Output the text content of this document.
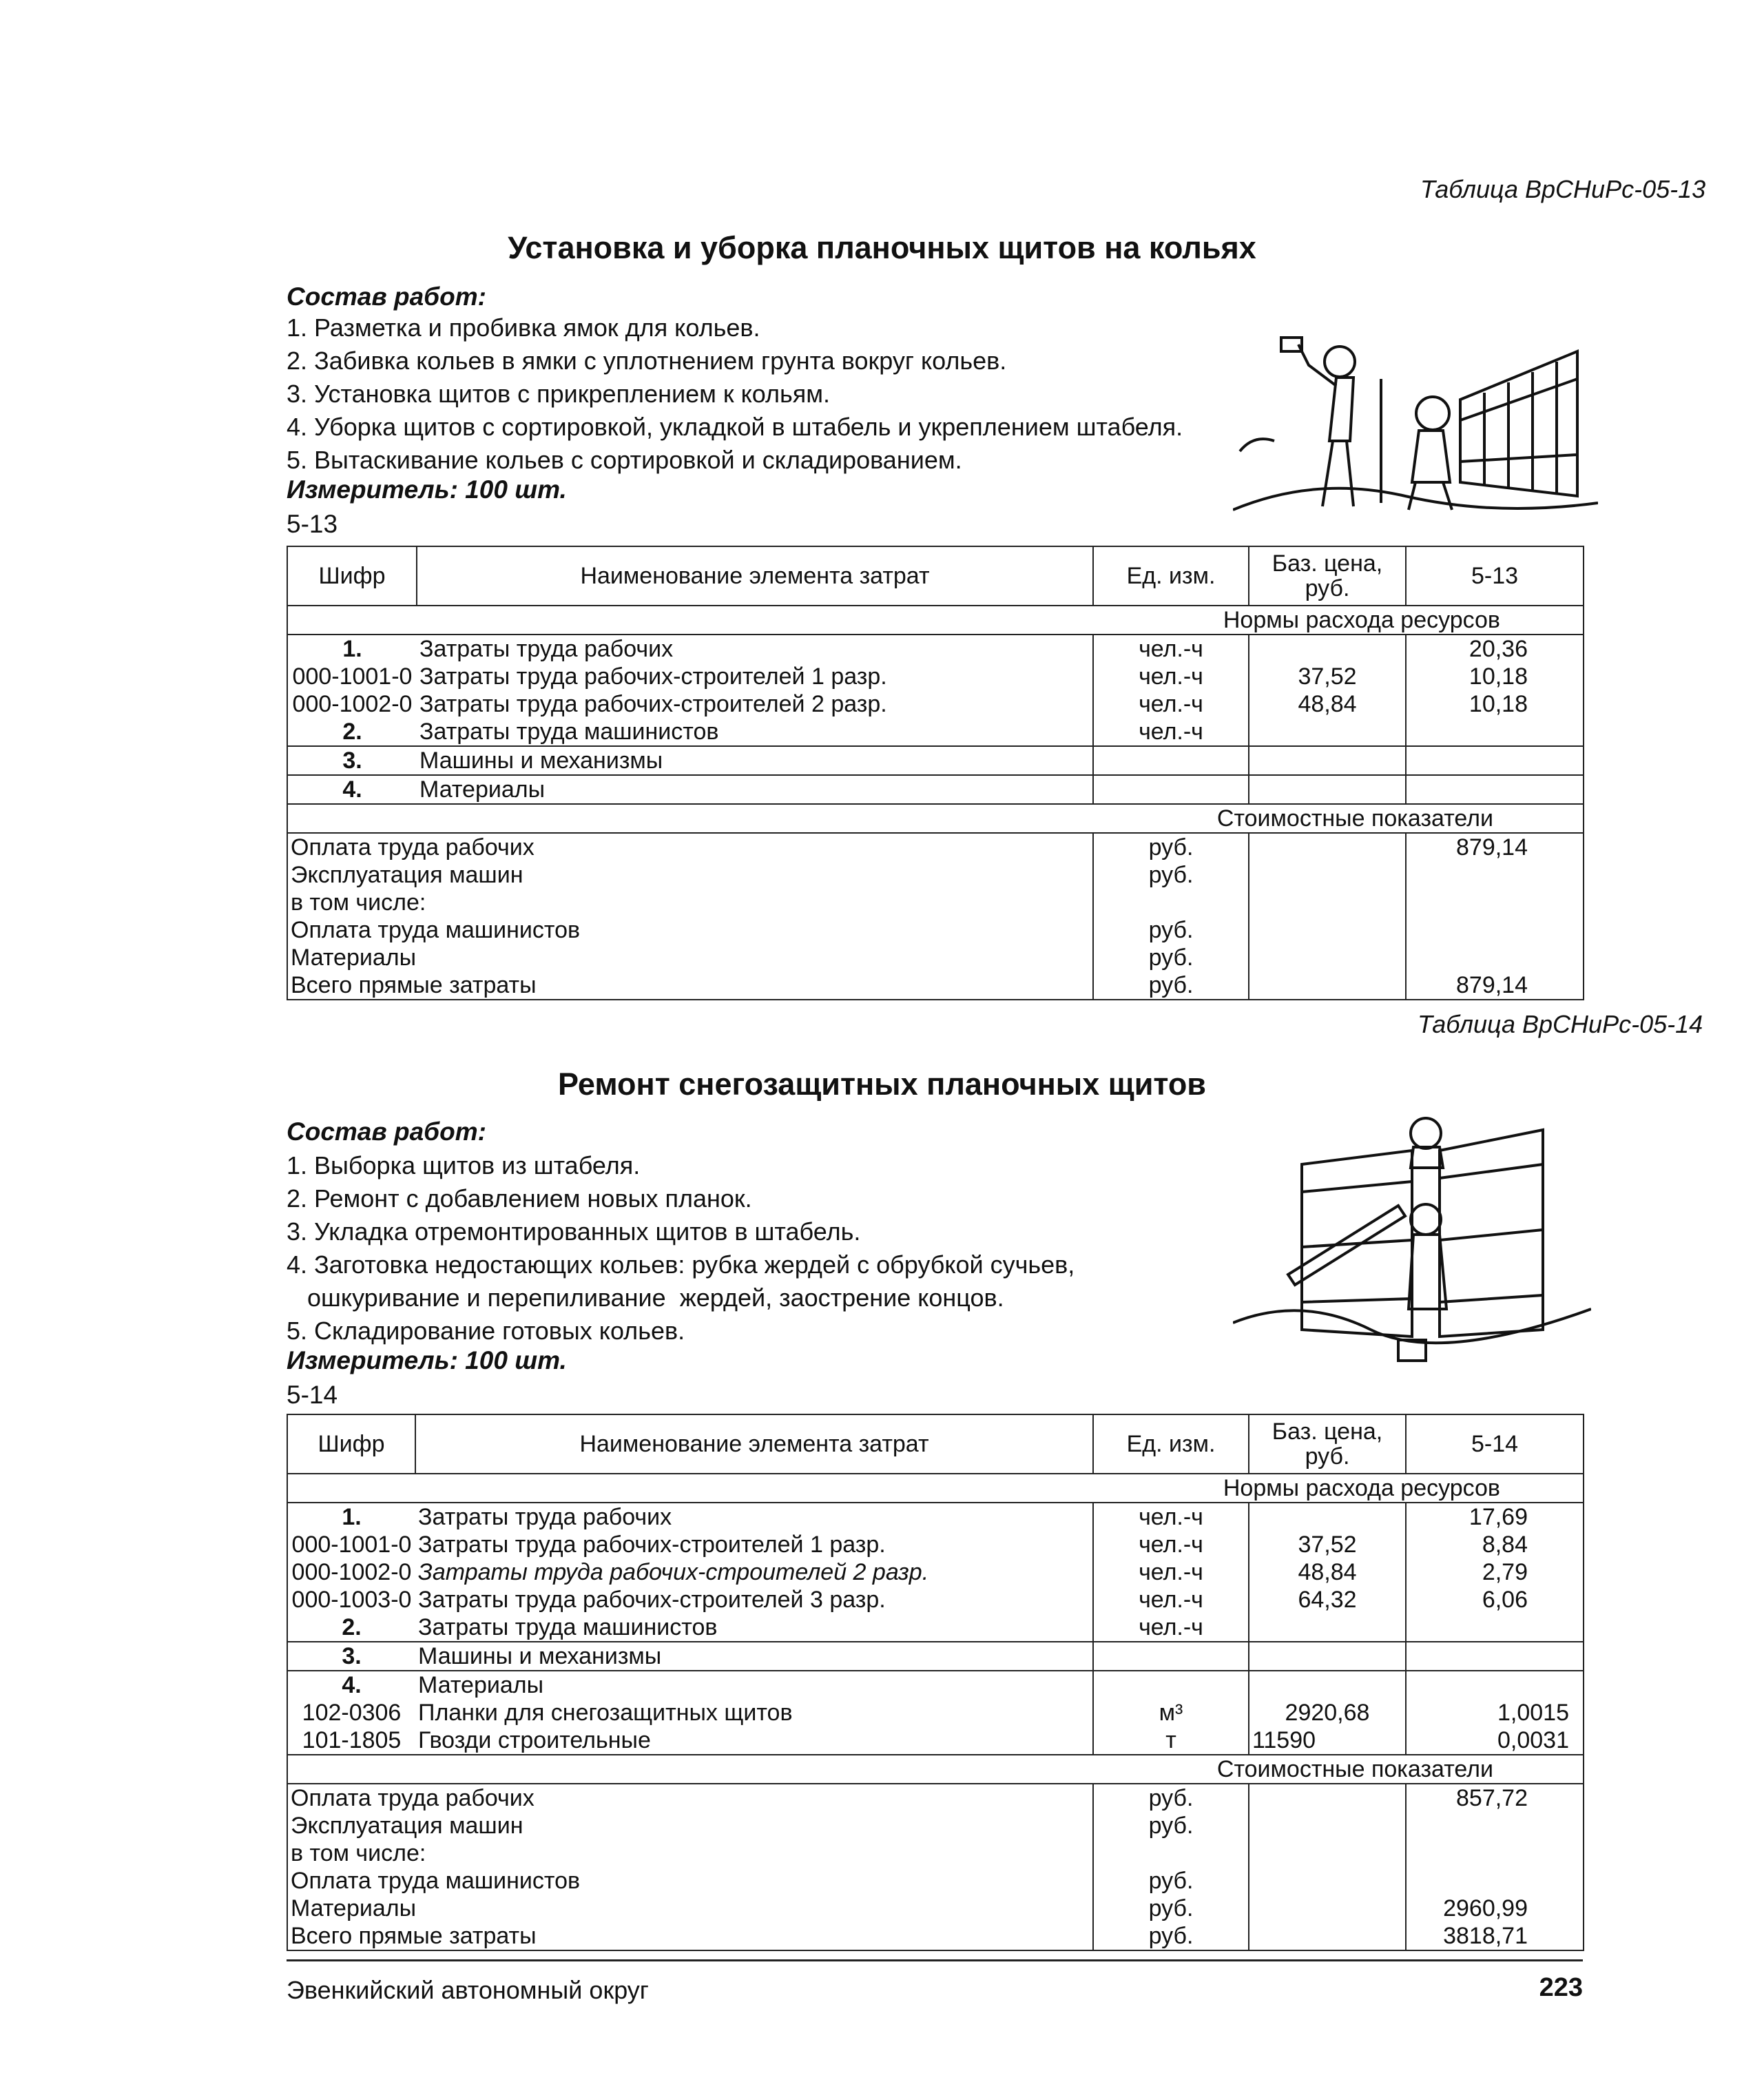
Таблица ВрСНиРс-05-13
Установка и уборка планочных щитов на кольях
Состав работ:
1. Разметка и пробивка ямок для кольев.
2. Забивка кольев в ямки с уплотнением грунта вокруг кольев.
3. Установка щитов с прикреплением к кольям.
4. Уборка щитов с сортировкой, укладкой в штабель и укреплением штабеля.
5. Вытаскивание кольев с сортировкой и складированием.
Измеритель: 100 шт.
5-13
Шифр	Наименование элемента затрат	Ед. изм.	Баз. цена, руб.	5-13
Нормы расхода ресурсов				
1.	Затраты труда рабочих	чел.-ч		20,36
000-1001-0	Затраты труда рабочих-строителей 1 разр.	чел.-ч	37,52	10,18
000-1002-0	Затраты труда рабочих-строителей 2 разр.	чел.-ч	48,84	10,18
2.	Затраты труда машинистов	чел.-ч		
3.	Машины и механизмы			
4.	Материалы			
Стоимостные показатели				
Оплата труда рабочих		руб.		879,14
Эксплуатация машин		руб.		
в том числе:				
Оплата труда машинистов		руб.		
Материалы		руб.		
Всего прямые затраты		руб.		879,14
Таблица ВрСНиРс-05-14
Ремонт снегозащитных планочных щитов
Состав работ:
1. Выборка щитов из штабеля.
2. Ремонт с добавлением новых планок.
3. Укладка отремонтированных щитов в штабель.
4. Заготовка недостающих кольев: рубка жердей с обрубкой сучьев,
ошкуривание и перепиливание  жердей, заострение концов.
5. Складирование готовых кольев.
Измеритель: 100 шт.
5-14
Шифр	Наименование элемента затрат	Ед. изм.	Баз. цена, руб.	5-14
Нормы расхода ресурсов				
1.	Затраты труда рабочих	чел.-ч		17,69
000-1001-0	Затраты труда рабочих-строителей 1 разр.	чел.-ч	37,52	8,84
000-1002-0	Затраты труда рабочих-строителей 2 разр.	чел.-ч	48,84	2,79
000-1003-0	Затраты труда рабочих-строителей 3 разр.	чел.-ч	64,32	6,06
2.	Затраты труда машинистов	чел.-ч		
3.	Машины и механизмы			
4.	Материалы			
102-0306	Планки для снегозащитных щитов	м³	2920,68	1,0015
101-1805	Гвозди строительные	т	11590	0,0031
Стоимостные показатели				
Оплата труда рабочих		руб.		857,72
Эксплуатация машин		руб.		
в том числе:				
Оплата труда машинистов		руб.		
Материалы		руб.		2960,99
Всего прямые затраты		руб.		3818,71
Эвенкийский автономный округ	223
